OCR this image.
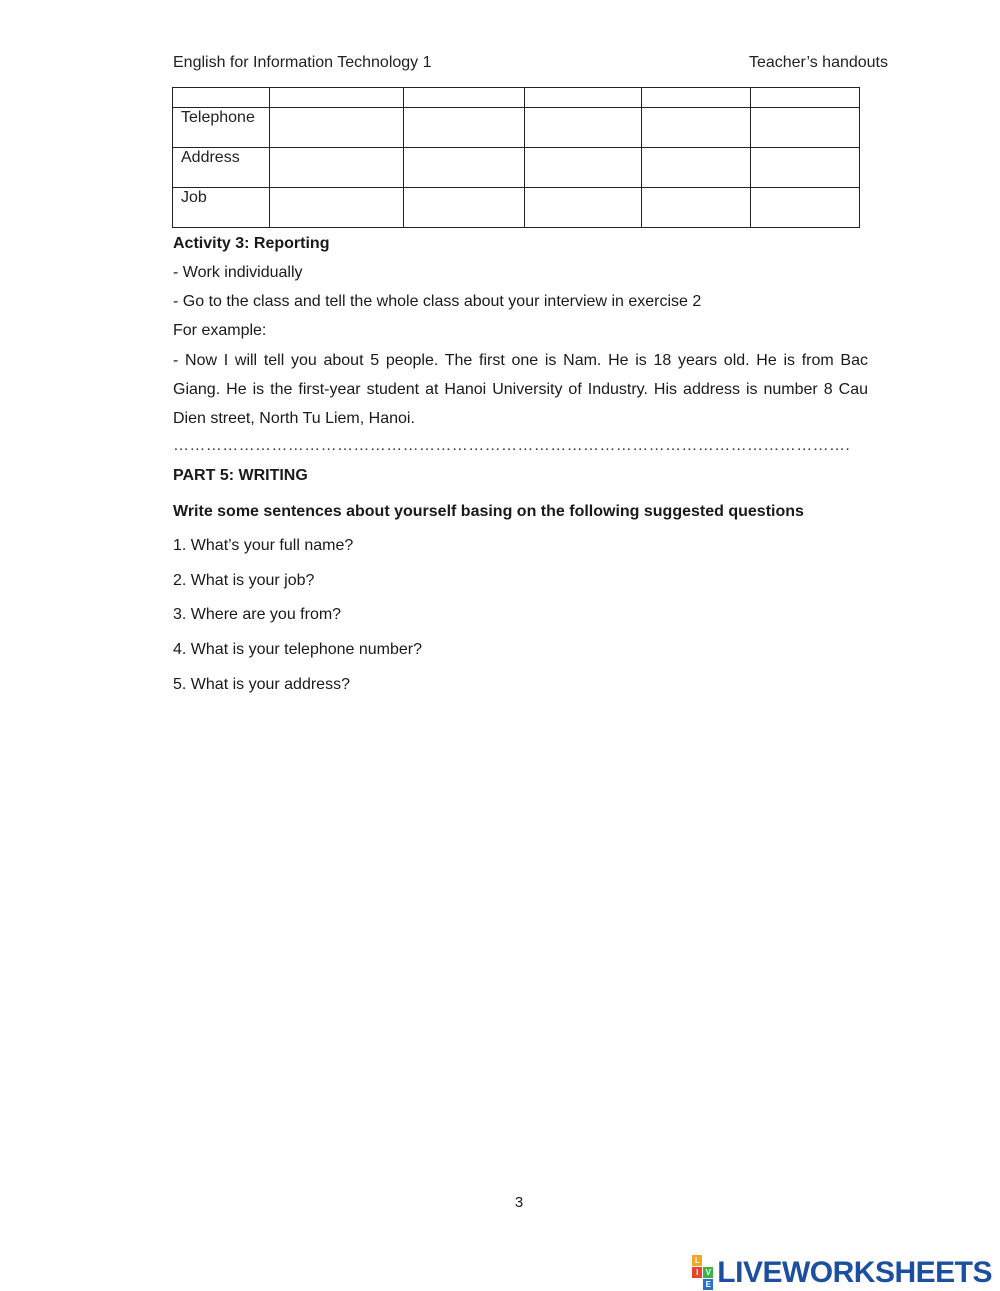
English for Information Technology 1	Teacher’s handouts

Telephone					
Address					
Job					
Activity 3: Reporting
- Work individually
- Go to the class and tell the whole class about your interview in exercise 2
For example:
- Now I will tell you about 5 people. The first one is Nam. He is 18 years old. He is from Bac Giang. He is the first-year student at Hanoi University of Industry. His address is number 8 Cau Dien street, North Tu Liem, Hanoi.
…………………………………………………………………………………………………………….
PART 5: WRITING
Write some sentences about yourself basing on the following suggested questions
1. What’s your full name?
2. What is your job?
3. Where are you from?
4. What is your telephone number?
5. What is your address?
3
L
I V
E LIVEWORKSHEETS
